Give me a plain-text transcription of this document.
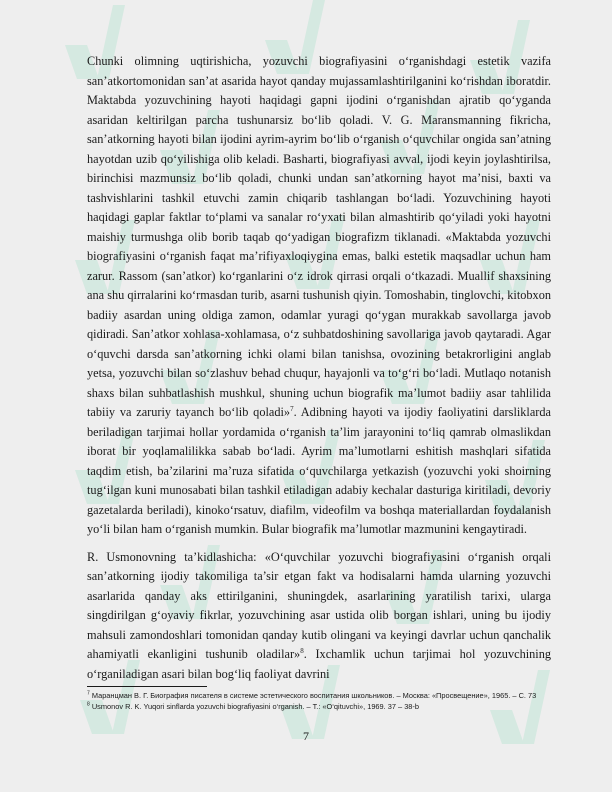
Chunki olimning uqtirishicha, yozuvchi biografiyasini o‘rganishdagi estetik vazifa san’atkortomonidan san’at asarida hayot qanday mujassamlashtirilganini ko‘rishdan iboratdir. Maktabda yozuvchining hayoti haqidagi gapni ijodini o‘rganishdan ajratib qo‘yganda asaridan keltirilgan parcha tushunarsiz bo‘lib qoladi. V. G. Maransmanning fikricha, san’atkorning hayoti bilan ijodini ayrim-ayrim bo‘lib o‘rganish o‘quvchilar ongida san’atning hayotdan uzib qo‘yilishiga olib keladi. Basharti, biografiyasi avval, ijodi keyin joylashtirilsa, birinchisi mazmunsiz bo‘lib qoladi, chunki undan san’atkorning hayot ma’nisi, baxti va tashvishlarini tashkil etuvchi zamin chiqarib tashlangan bo‘ladi. Yozuvchining hayoti haqidagi gaplar faktlar to‘plami va sanalar ro‘yxati bilan almashtirib qo‘yiladi yoki hayotni maishiy turmushga olib borib taqab qo‘yadigan biografizm tiklanadi. «Maktabda yozuvchi biografiyasini o‘rganish faqat ma’rifiyaxloqiygina emas, balki estetik maqsadlar uchun ham zarur. Rassom (san’atkor) ko‘rganlarini o‘z idrok qirrasi orqali o‘tkazadi. Muallif shaxsining ana shu qirralarini ko‘rmasdan turib, asarni tushunish qiyin. Tomoshabin, tinglovchi, kitobxon badiiy asardan uning oldiga zamon, odamlar yuragi qo‘ygan murakkab savollarga javob qidiradi. San’atkor xohlasa-xohlamasa, o‘z suhbatdoshining savollariga javob qaytaradi. Agar o‘quvchi darsda san’atkorning ichki olami bilan tanishsa, ovozining betakrorligini anglab yetsa, yozuvchi bilan so‘zlashuv behad chuqur, hayajonli va to‘g‘ri bo‘ladi. Mutlaqo notanish shaxs bilan suhbatlashish mushkul, shuning uchun biografik ma’lumot badiiy asar tahlilida tabiiy va zaruriy tayanch bo‘lib qoladi»$^7$. Adibning hayoti va ijodiy faoliyatini darsliklarda beriladigan tarjimai hollar yordamida o‘rganish ta’lim jarayonini to‘liq qamrab olmaslikdan iborat bir yoqlamalilikka sabab bo‘ladi. Ayrim ma’lumotlarni eshitish mashqlari sifatida taqdim etish, ba’zilarini ma’ruza sifatida o‘quvchilarga yetkazish (yozuvchi yoki shoirning tug‘ilgan kuni munosabati bilan tashkil etiladigan adabiy kechalar dasturiga kiritiladi, devoriy gazetalarda beriladi), kinoko‘rsatuv, diafilm, videofilm va boshqa materiallardan foydalanish yo‘li bilan ham o‘rganish mumkin. Bular biografik ma’lumotlar mazmunini kengaytiradi.

R. Usmonovning ta’kidlashicha: «O‘quvchilar yozuvchi biografiyasini o‘rganish orqali san’atkorning ijodiy takomiliga ta’sir etgan fakt va hodisalarni hamda ularning yozuvchi asarlarida qanday aks ettirilganini, shuningdek, asarlarining yaratilish tarixi, ularga singdirilgan g‘oyaviy fikrlar, yozuvchining asar ustida olib borgan ishlari, uning bu ijodiy mahsuli zamondoshlari tomonidan qanday kutib olingani va keyingi davrlar uchun qanchalik ahamiyatli ekanligini tushunib oladilar»$^8$. Ixchamlik uchun tarjimai hol yozuvchining o‘rganiladigan asari bilan bog‘liq faoliyat davrini

$^7$ Маранцман В. Г. Биография писателя в системе эстетического воспитания школьников. – Москва: «Просвещение», 1965. – С. 73

$^8$ Usmonov R. K. Yuqori sinflarda yozuvchi biografiyasini o‘rganish. – T.: «O‘qituvchi», 1969. 37 – 38-b

7
